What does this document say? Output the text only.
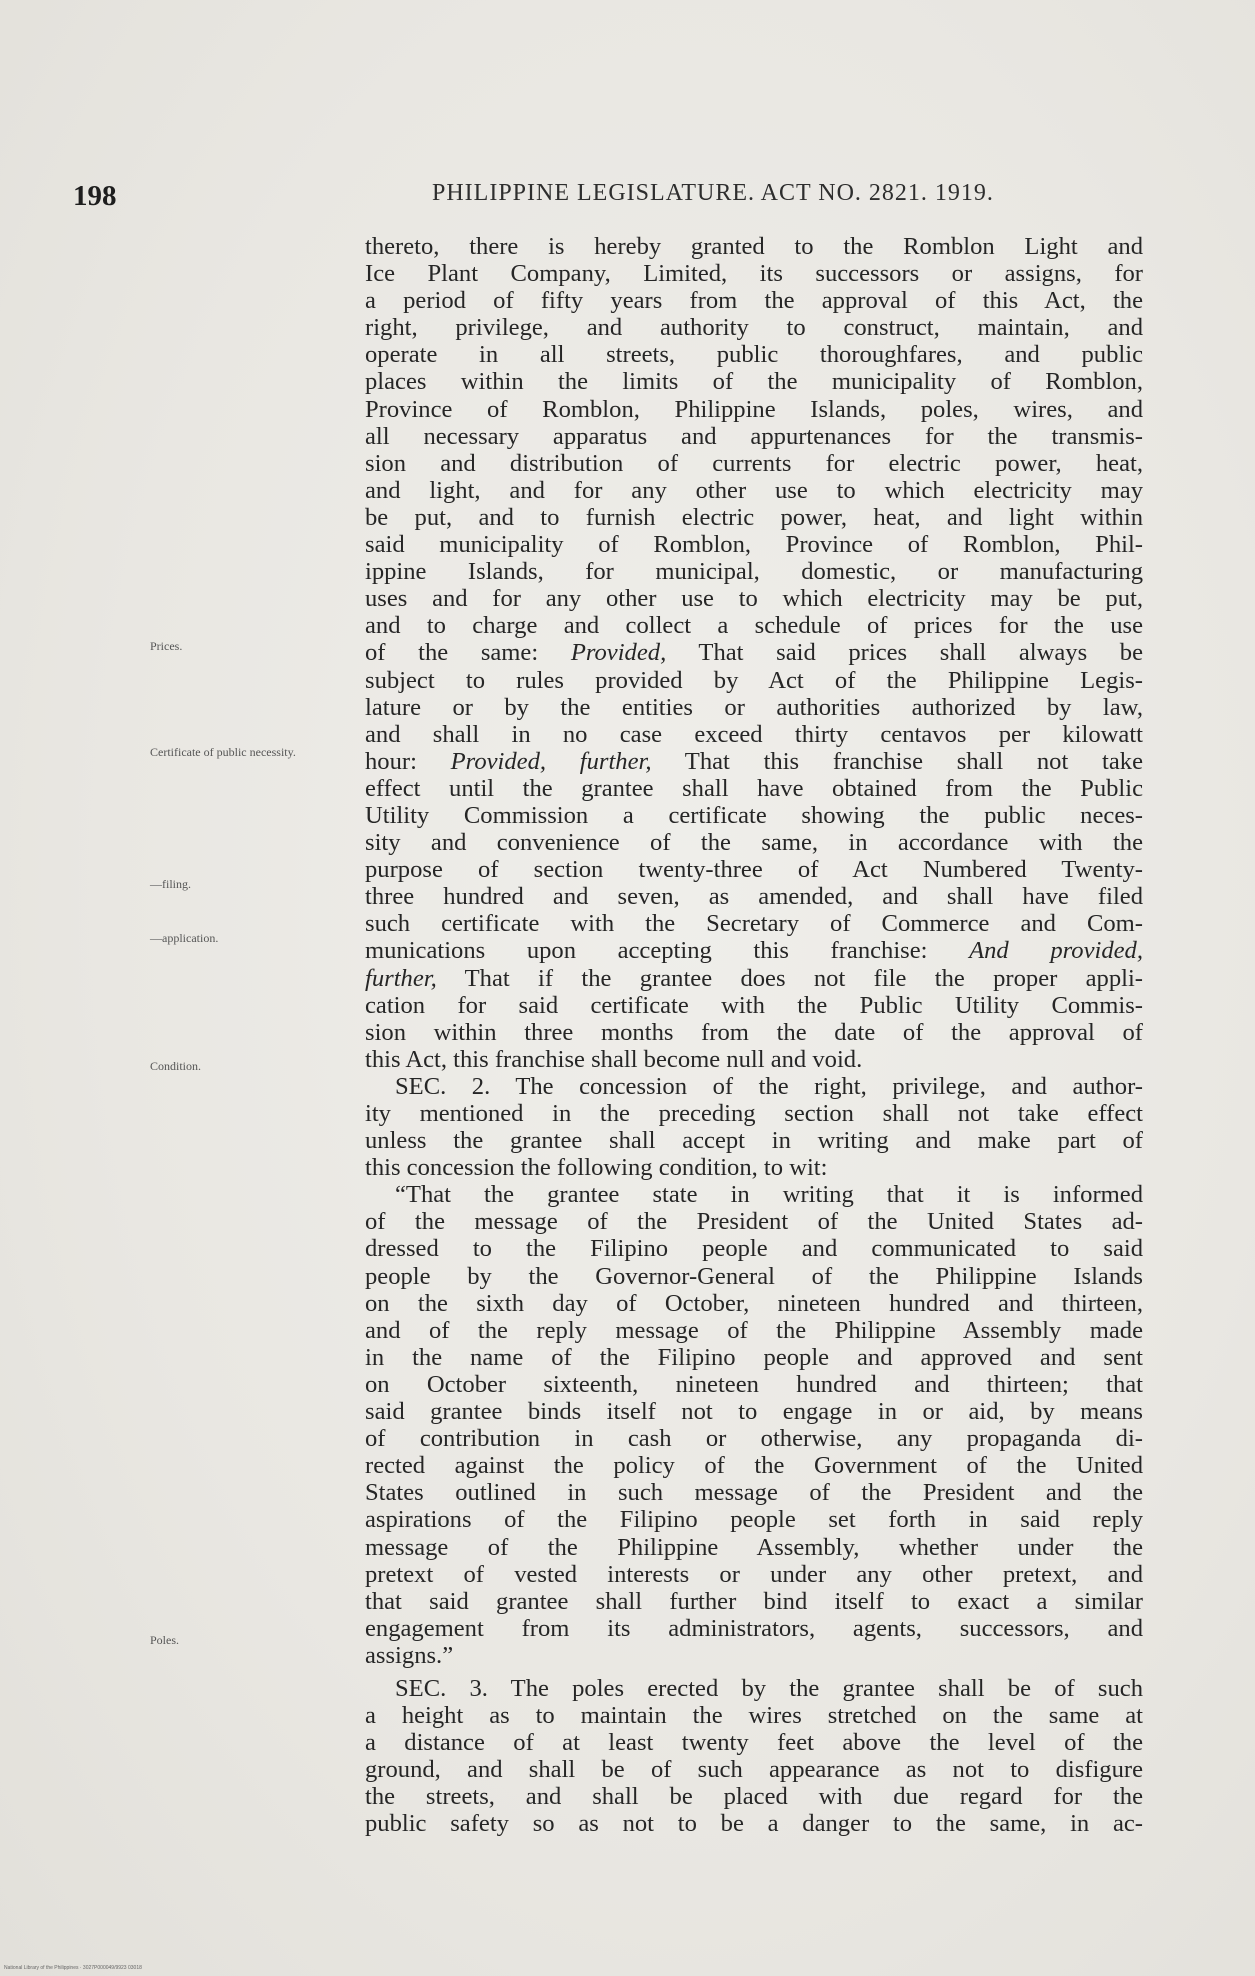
198	PHILIPPINE LEGISLATURE. ACT NO. 2821. 1919.
Prices.
Certificate of public necessity.
—filing.
—application.
Condition.
Poles.
thereto, there is hereby granted to the Romblon Light and
Ice Plant Company, Limited, its successors or assigns, for
a period of fifty years from the approval of this Act, the
right, privilege, and authority to construct, maintain, and
operate in all streets, public thoroughfares, and public
places within the limits of the municipality of Romblon,
Province of Romblon, Philippine Islands, poles, wires, and
all necessary apparatus and appurtenances for the transmis-
sion and distribution of currents for electric power, heat,
and light, and for any other use to which electricity may
be put, and to furnish electric power, heat, and light within
said municipality of Romblon, Province of Romblon, Phil-
ippine Islands, for municipal, domestic, or manufacturing
uses and for any other use to which electricity may be put,
and to charge and collect a schedule of prices for the use
of the same: Provided, That said prices shall always be
subject to rules provided by Act of the Philippine Legis-
lature or by the entities or authorities authorized by law,
and shall in no case exceed thirty centavos per kilowatt
hour: Provided, further, That this franchise shall not take
effect until the grantee shall have obtained from the Public
Utility Commission a certificate showing the public neces-
sity and convenience of the same, in accordance with the
purpose of section twenty-three of Act Numbered Twenty-
three hundred and seven, as amended, and shall have filed
such certificate with the Secretary of Commerce and Com-
munications upon accepting this franchise: And provided,
further, That if the grantee does not file the proper appli-
cation for said certificate with the Public Utility Commis-
sion within three months from the date of the approval of
this Act, this franchise shall become null and void.
SEC. 2. The concession of the right, privilege, and author-
ity mentioned in the preceding section shall not take effect
unless the grantee shall accept in writing and make part of
this concession the following condition, to wit:
“That the grantee state in writing that it is informed
of the message of the President of the United States ad-
dressed to the Filipino people and communicated to said
people by the Governor-General of the Philippine Islands
on the sixth day of October, nineteen hundred and thirteen,
and of the reply message of the Philippine Assembly made
in the name of the Filipino people and approved and sent
on October sixteenth, nineteen hundred and thirteen; that
said grantee binds itself not to engage in or aid, by means
of contribution in cash or otherwise, any propaganda di-
rected against the policy of the Government of the United
States outlined in such message of the President and the
aspirations of the Filipino people set forth in said reply
message of the Philippine Assembly, whether under the
pretext of vested interests or under any other pretext, and
that said grantee shall further bind itself to exact a similar
engagement from its administrators, agents, successors, and
assigns.”
SEC. 3. The poles erected by the grantee shall be of such
a height as to maintain the wires stretched on the same at
a distance of at least twenty feet above the level of the
ground, and shall be of such appearance as not to disfigure
the streets, and shall be placed with due regard for the
public safety so as not to be a danger to the same, in ac-
National Library of the Philippines · 3027P000049/9923 03018
